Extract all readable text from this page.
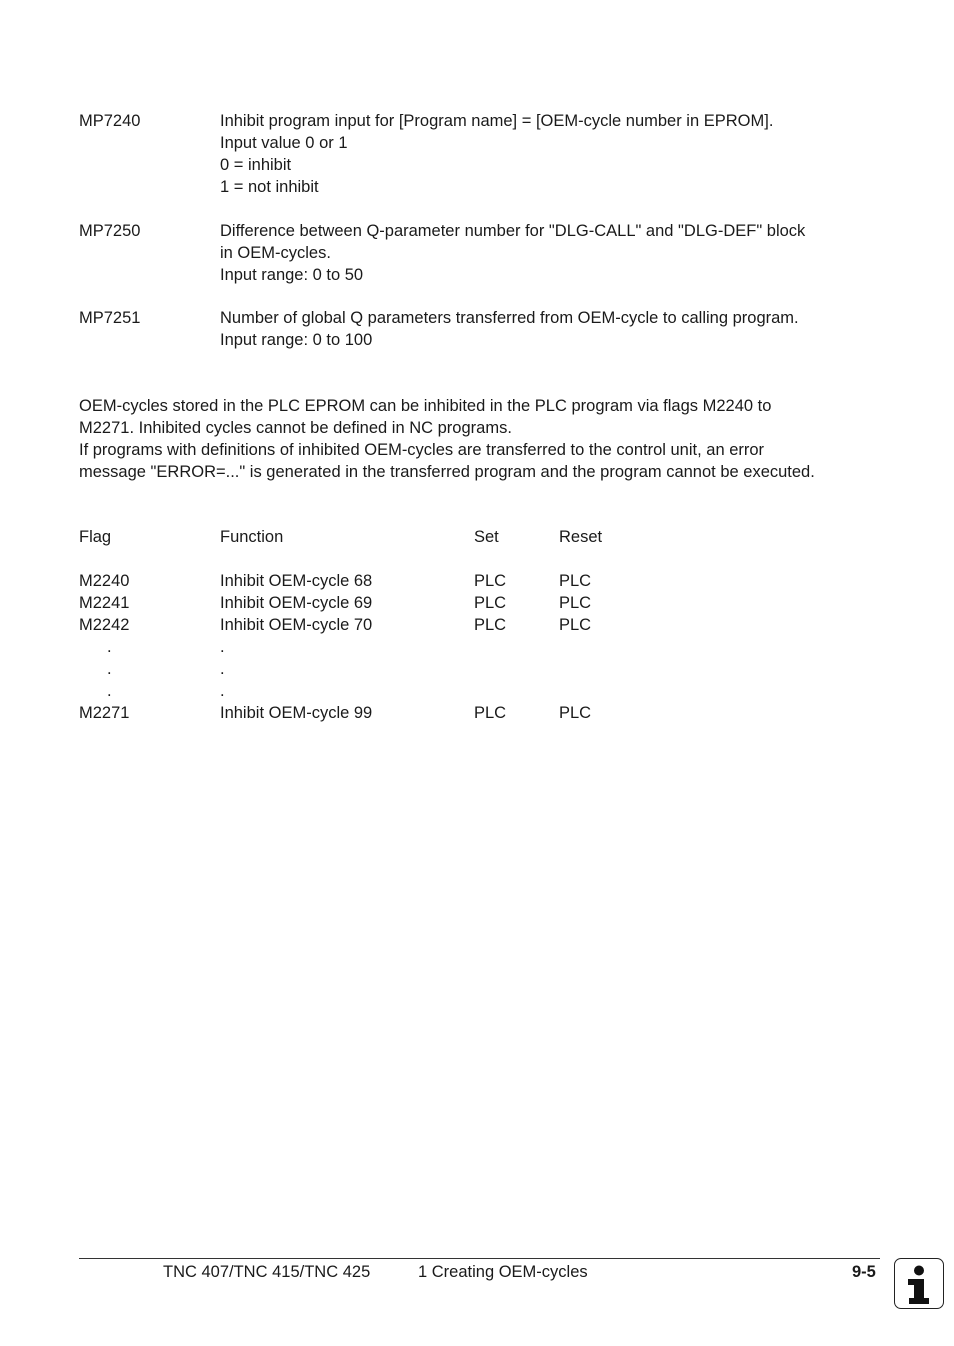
MP7240	Inhibit program input for [Program name] = [OEM-cycle number in EPROM].
Input value 0 or 1
0 = inhibit
1 = not inhibit
MP7250	Difference between Q-parameter number for "DLG-CALL" and "DLG-DEF" block
in OEM-cycles.
Input range: 0 to 50
MP7251	Number of global Q parameters transferred from OEM-cycle to calling program.
Input range: 0 to 100
OEM-cycles stored in the PLC EPROM can be inhibited in the PLC program via flags M2240 to
M2271. Inhibited cycles cannot be defined in NC programs.
If programs with definitions of inhibited OEM-cycles are transferred to the control unit, an error
message "ERROR=..." is generated in the transferred program and the program cannot be executed.
Flag	Function	Set	Reset
M2240	Inhibit OEM-cycle 68	PLC	PLC
M2241	Inhibit OEM-cycle 69	PLC	PLC
M2242	Inhibit OEM-cycle 70	PLC	PLC
.	.
.	.
.	.
M2271	Inhibit OEM-cycle 99	PLC	PLC
TNC 407/TNC 415/TNC 425	1 Creating OEM-cycles	9-5
